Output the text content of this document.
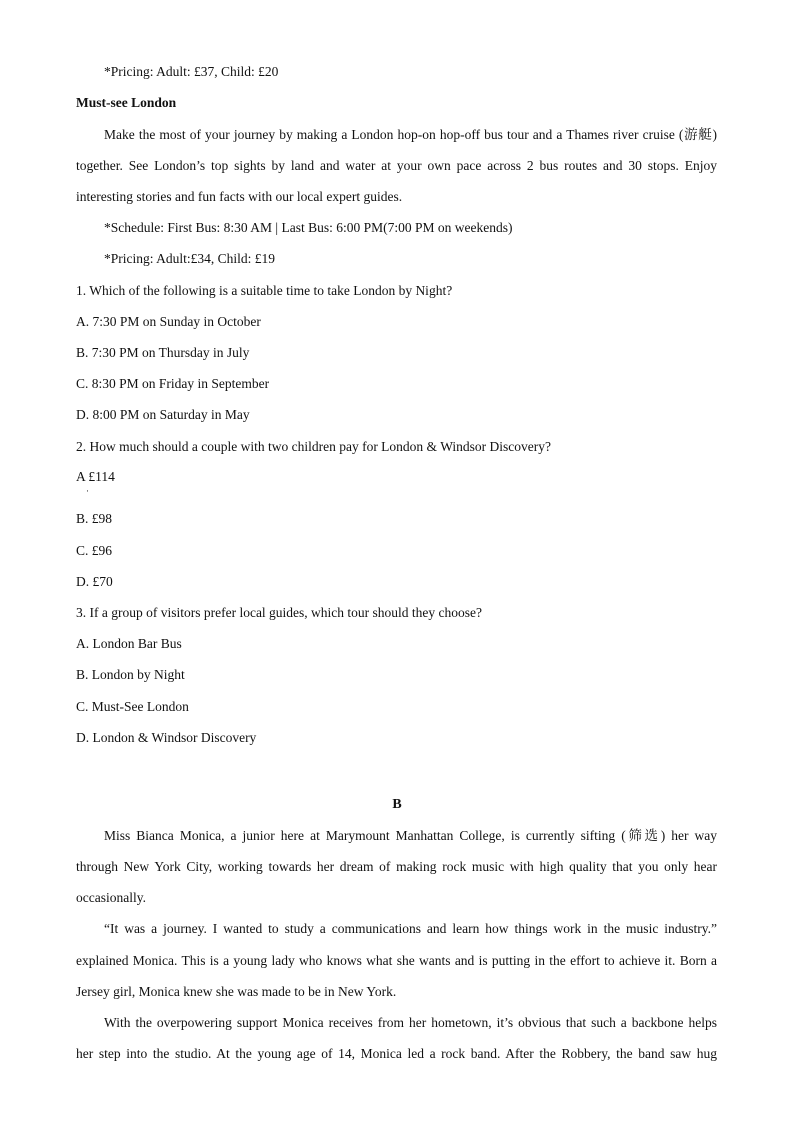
*Pricing: Adult: £37, Child: £20
Must-see London
Make the most of your journey by making a London hop-on hop-off bus tour and a Thames river cruise (游艇)
together. See London’s top sights by land and water at your own pace across 2 bus routes and 30 stops. Enjoy
interesting stories and fun facts with our local expert guides.
*Schedule: First Bus: 8:30 AM | Last Bus: 6:00 PM(7:00 PM on weekends)
*Pricing: Adult:£34, Child: £19
1. Which of the following is a suitable time to take London by Night?
A. 7:30 PM on Sunday in October
B. 7:30 PM on Thursday in July
C. 8:30 PM on Friday in September
D. 8:00 PM on Saturday in May
2. How much should a couple with two children pay for London & Windsor Discovery?
A £114
·
B. £98
C. £96
D. £70
3. If a group of visitors prefer local guides, which tour should they choose?
A. London Bar Bus
B. London by Night
C. Must-See London
D. London & Windsor Discovery
B
Miss Bianca Monica, a junior here at Marymount Manhattan College, is currently sifting (筛选) her way
through New York City, working towards her dream of making rock music with high quality that you only hear
occasionally.
“It was a journey. I wanted to study a communications and learn how things work in the music industry.”
explained Monica. This is a young lady who knows what she wants and is putting in the effort to achieve it. Born a
Jersey girl, Monica knew she was made to be in New York.
With the overpowering support Monica receives from her hometown, it’s obvious that such a backbone helps
her step into the studio. At the young age of 14, Monica led a rock band. After the Robbery, the band saw hug
